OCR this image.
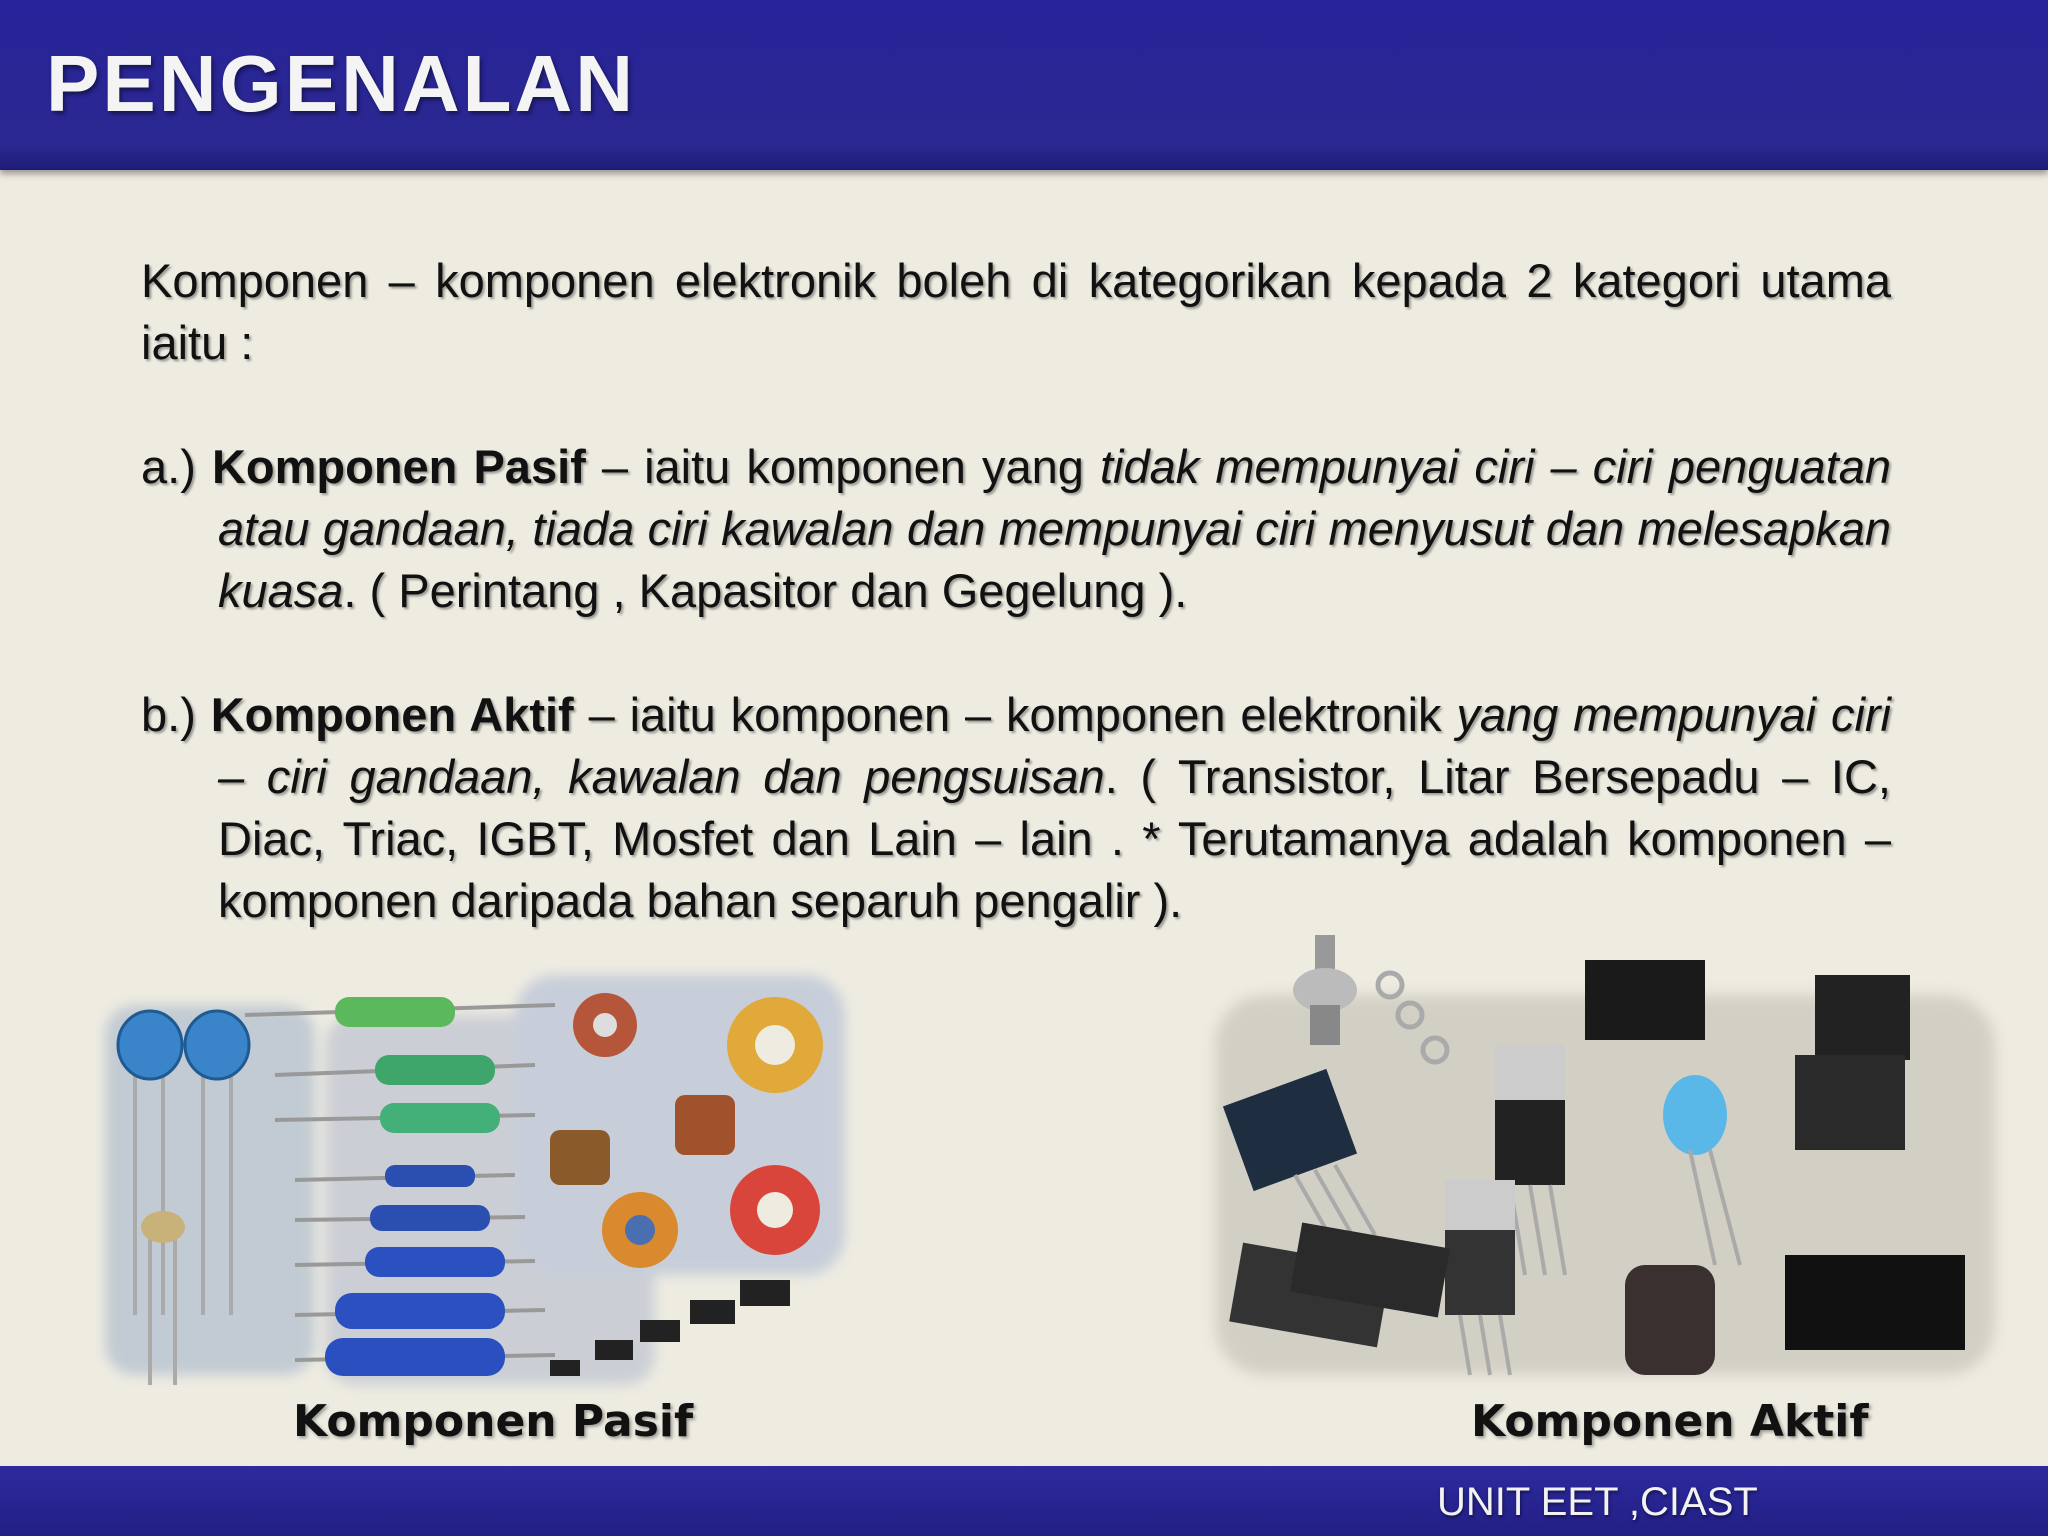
PENGENALAN

Komponen – komponen elektronik boleh di kategorikan kepada 2 kategori utama iaitu :

a.) Komponen Pasif – iaitu komponen yang tidak mempunyai ciri – ciri penguatan atau gandaan, tiada ciri kawalan dan mempunyai ciri menyusut dan melesapkan kuasa. ( Perintang , Kapasitor dan Gegelung ).

b.) Komponen Aktif – iaitu komponen – komponen elektronik yang mempunyai ciri – ciri gandaan, kawalan dan pengsuisan. ( Transistor, Litar Bersepadu – IC, Diac, Triac, IGBT, Mosfet dan Lain – lain . * Terutamanya adalah komponen – komponen daripada bahan separuh pengalir ).

Komponen Pasif	Komponen Aktif
UNIT EET ,CIAST
